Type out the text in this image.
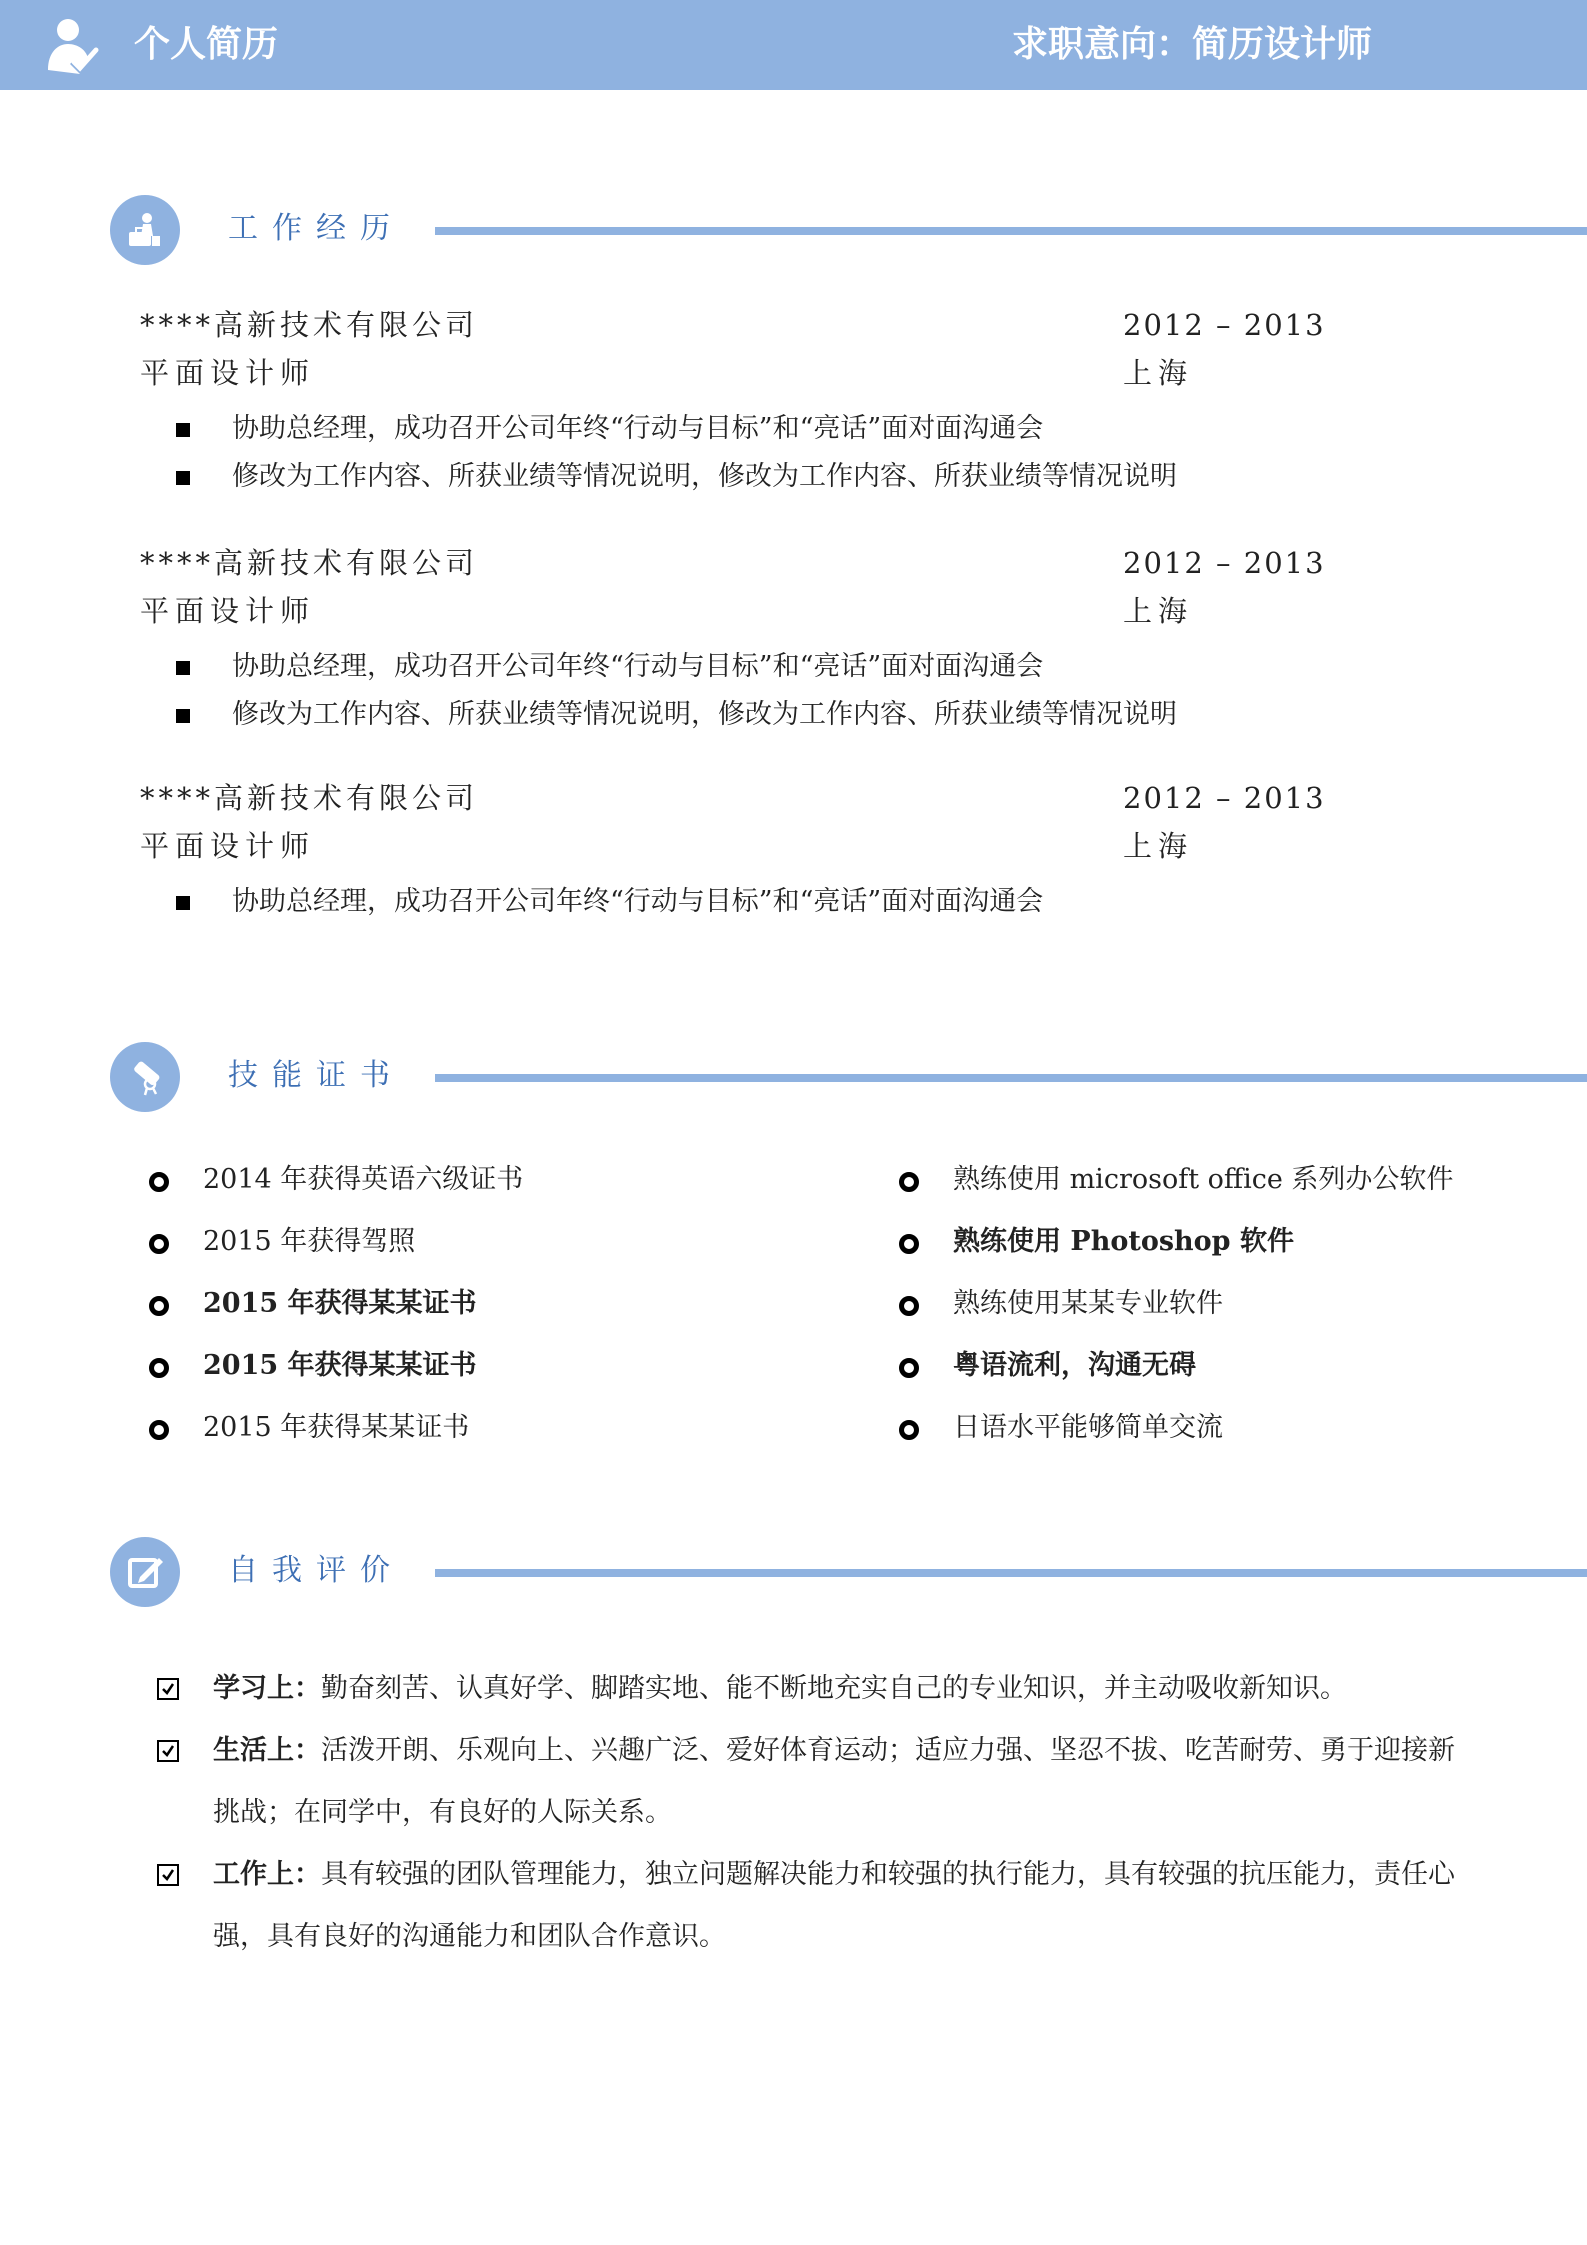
个人简历	求职意向：简历设计师
工作经历
****高新技术有限公司	2012 – 2013
平面设计师	上海
协助总经理，成功召开公司年终“行动与目标”和“亮话”面对面沟通会
修改为工作内容、所获业绩等情况说明，修改为工作内容、所获业绩等情况说明
****高新技术有限公司	2012 – 2013
平面设计师	上海
协助总经理，成功召开公司年终“行动与目标”和“亮话”面对面沟通会
修改为工作内容、所获业绩等情况说明，修改为工作内容、所获业绩等情况说明
****高新技术有限公司	2012 – 2013
平面设计师	上海
协助总经理，成功召开公司年终“行动与目标”和“亮话”面对面沟通会
技能证书
2014 年获得英语六级证书
2015 年获得驾照
2015 年获得某某证书
2015 年获得某某证书
2015 年获得某某证书
熟练使用 microsoft office 系列办公软件
熟练使用 Photoshop 软件
熟练使用某某专业软件
粤语流利，沟通无碍
日语水平能够简单交流
自我评价
学习上：勤奋刻苦、认真好学、脚踏实地、能不断地充实自己的专业知识，并主动吸收新知识。
生活上：活泼开朗、乐观向上、兴趣广泛、爱好体育运动；适应力强、坚忍不拔、吃苦耐劳、勇于迎接新挑战；在同学中，有良好的人际关系。
工作上：具有较强的团队管理能力，独立问题解决能力和较强的执行能力，具有较强的抗压能力，责任心强，具有良好的沟通能力和团队合作意识。
